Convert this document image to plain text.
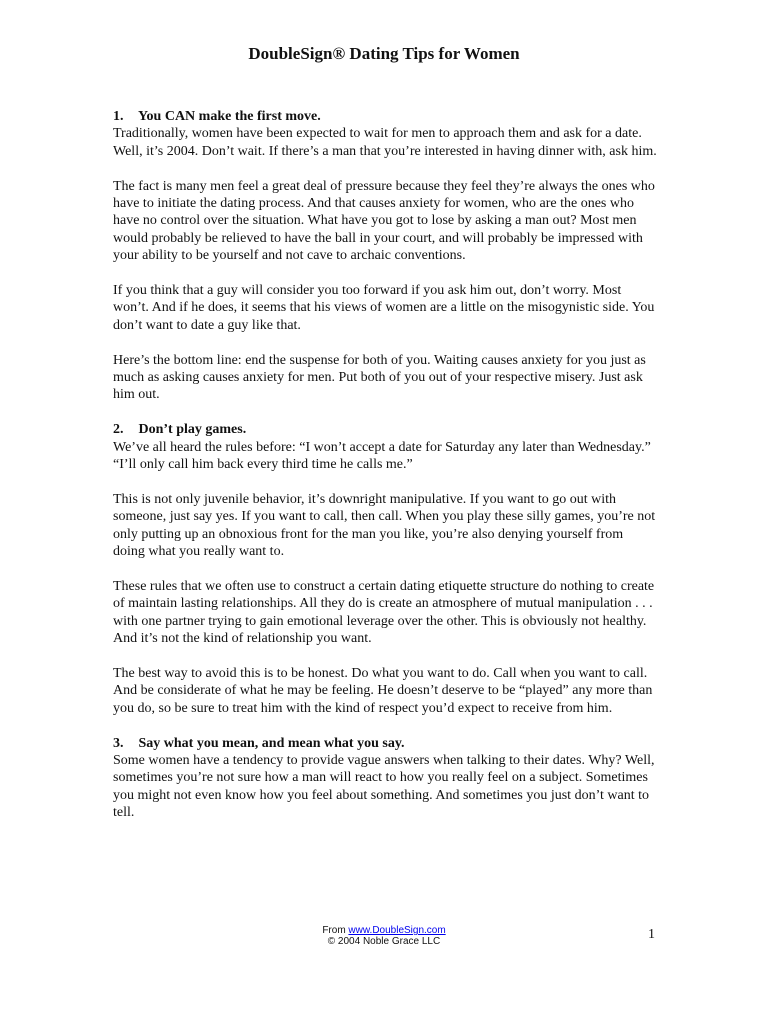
DoubleSign® Dating Tips for Women

1. You CAN make the first move.

Traditionally, women have been expected to wait for men to approach them and ask for a date. Well, it’s 2004. Don’t wait. If there’s a man that you’re interested in having dinner with, ask him.

The fact is many men feel a great deal of pressure because they feel they’re always the ones who have to initiate the dating process. And that causes anxiety for women, who are the ones who have no control over the situation. What have you got to lose by asking a man out? Most men would probably be relieved to have the ball in your court, and will probably be impressed with your ability to be yourself and not cave to archaic conventions.

If you think that a guy will consider you too forward if you ask him out, don’t worry. Most won’t. And if he does, it seems that his views of women are a little on the misogynistic side. You don’t want to date a guy like that.

Here’s the bottom line: end the suspense for both of you. Waiting causes anxiety for you just as much as asking causes anxiety for men. Put both of you out of your respective misery. Just ask him out.

2. Don’t play games.

We’ve all heard the rules before: “I won’t accept a date for Saturday any later than Wednesday.” “I’ll only call him back every third time he calls me.”

This is not only juvenile behavior, it’s downright manipulative. If you want to go out with someone, just say yes. If you want to call, then call. When you play these silly games, you’re not only putting up an obnoxious front for the man you like, you’re also denying yourself from doing what you really want to.

These rules that we often use to construct a certain dating etiquette structure do nothing to create of maintain lasting relationships. All they do is create an atmosphere of mutual manipulation . . . with one partner trying to gain emotional leverage over the other. This is obviously not healthy. And it’s not the kind of relationship you want.

The best way to avoid this is to be honest. Do what you want to do. Call when you want to call. And be considerate of what he may be feeling. He doesn’t deserve to be “played” any more than you do, so be sure to treat him with the kind of respect you’d expect to receive from him.

3. Say what you mean, and mean what you say.

Some women have a tendency to provide vague answers when talking to their dates. Why? Well, sometimes you’re not sure how a man will react to how you really feel on a subject. Sometimes you might not even know how you feel about something. And sometimes you just don’t want to tell.

From www.DoubleSign.com
© 2004 Noble Grace LLC	1
